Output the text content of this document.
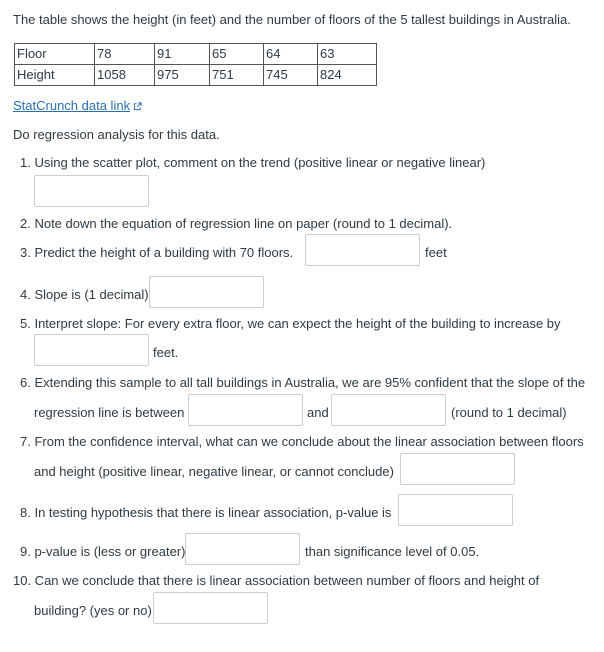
The table shows the height (in feet) and the number of floors of the 5 tallest buildings in Australia.
Floor	78	91	65	64	63
Height	1058	975	751	745	824
StatCrunch data link
Do regression analysis for this data.
1. Using the scatter plot, comment on the trend (positive linear or negative linear)
2. Note down the equation of regression line on paper (round to 1 decimal).
3. Predict the height of a building with 70 floors.	feet
4. Slope is (1 decimal)
5. Interpret slope: For every extra floor, we can expect the height of the building to increase by
feet.
6. Extending this sample to all tall buildings in Australia, we are 95% confident that the slope of the
regression line is between	and	(round to 1 decimal)
7. From the confidence interval, what can we conclude about the linear association between floors
and height (positive linear, negative linear, or cannot conclude)
8. In testing hypothesis that there is linear association, p-value is
9. p-value is (less or greater)	than significance level of 0.05.
10. Can we conclude that there is linear association between number of floors and height of
building? (yes or no)
